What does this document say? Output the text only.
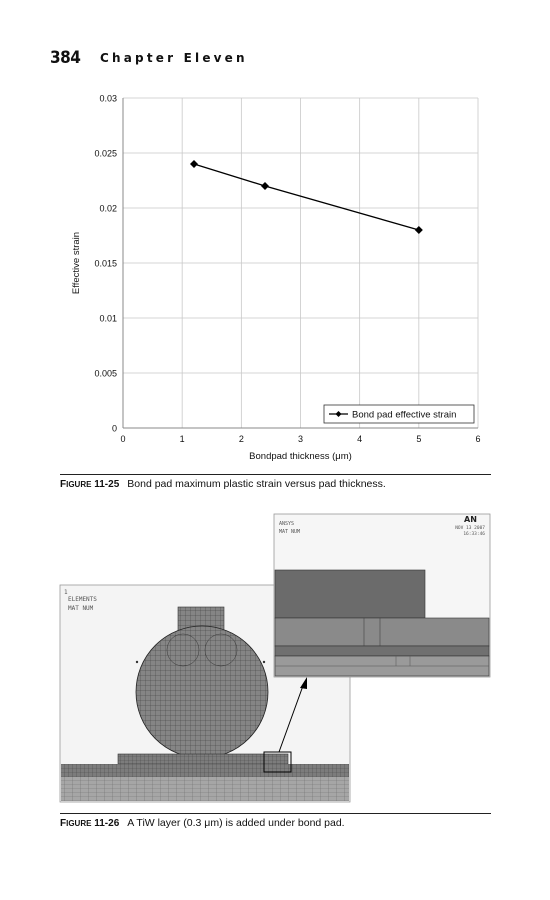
384 Chapter Eleven
0	1	2	3	4	5	6
0
0.005
0.01
0.015
0.02
0.025
0.03
Bondpad thickness (μm)
Effective strain
Bond pad effective strain
FIGURE 11-25 Bond pad maximum plastic strain versus pad thickness.
1
ELEMENTS
MAT NUM
ANSYS
MAT NUM
AN
NOV 13 2007
16:33:46
FIGURE 11-26 A TiW layer (0.3 μm) is added under bond pad.
